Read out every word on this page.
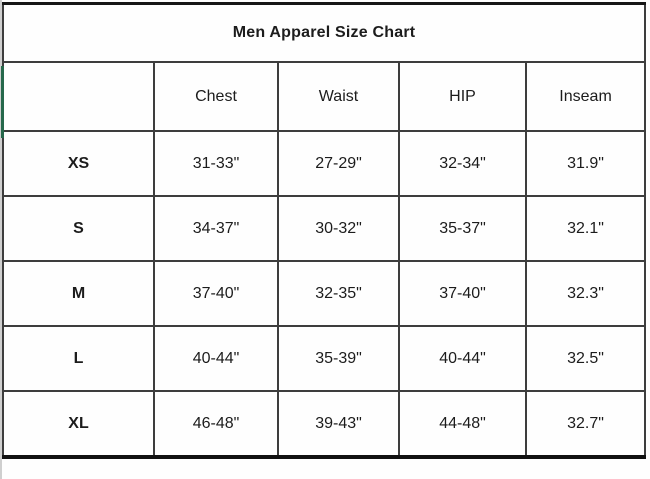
Men Apparel Size Chart				
	Chest	Waist	HIP	Inseam
XS	31-33"	27-29"	32-34"	31.9"
S	34-37"	30-32"	35-37"	32.1"
M	37-40"	32-35"	37-40"	32.3"
L	40-44"	35-39"	40-44"	32.5"
XL	46-48"	39-43"	44-48"	32.7"
